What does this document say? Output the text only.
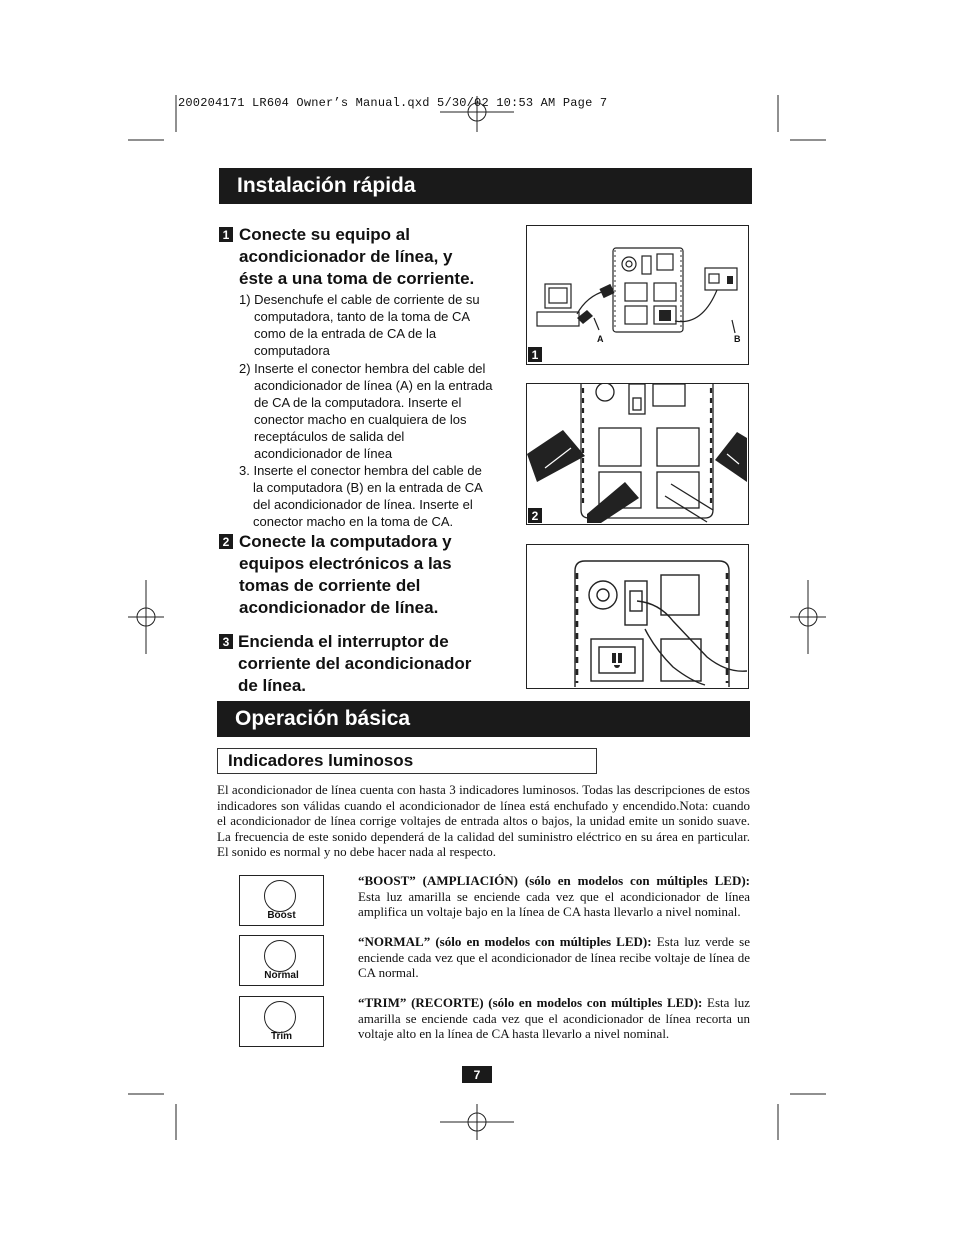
200204171 LR604 Owner’s Manual.qxd 5/30/02 10:53 AM Page 7
Instalación rápida
1 Conecte su equipo al
acondicionador de línea, y
éste a una toma de corriente.
1) Desenchufe el cable de corriente de su
computadora, tanto de la toma de CA
como de la entrada de CA de la
computadora
2) Inserte el conector hembra del cable del
acondicionador de línea (A) en la entrada
de CA de la computadora. Inserte el
conector macho en cualquiera de los
receptáculos de salida del
acondicionador de línea
3. Inserte el conector hembra del cable de
la computadora (B) en la entrada de CA
del acondicionador de línea. Inserte el
conector macho en la toma de CA.
2 Conecte la computadora y
equipos electrónicos a las
tomas de corriente del
acondicionador de línea.
3 Encienda el interruptor de
corriente del acondicionador
de línea.
A	B
1
2
Operación básica
Indicadores luminosos
El acondicionador de línea cuenta con hasta 3 indicadores luminosos. Todas las descripciones de estos indicadores son válidas cuando el acondicionador de línea está enchufado y encendido.Nota: cuando el acondicionador de línea corrige voltajes de entrada altos o bajos, la unidad emite un sonido suave. La frecuencia de este sonido dependerá de la calidad del suministro eléctrico en su área en particular. El sonido es normal y no debe hacer nada al respecto.
Boost
Normal
Trim
“BOOST” (AMPLIACIÓN) (sólo en modelos con múltiples LED): Esta luz amarilla se enciende cada vez que el acondicionador de línea amplifica un voltaje bajo en la línea de CA hasta llevarlo a nivel nominal.
“NORMAL” (sólo en modelos con múltiples LED): Esta luz verde se enciende cada vez que el acondicionador de línea recibe voltaje de línea de CA normal.
“TRIM” (RECORTE) (sólo en modelos con múltiples LED): Esta luz amarilla se enciende cada vez que el acondicionador de línea recorta un voltaje alto en la línea de CA hasta llevarlo a nivel nominal.
7
